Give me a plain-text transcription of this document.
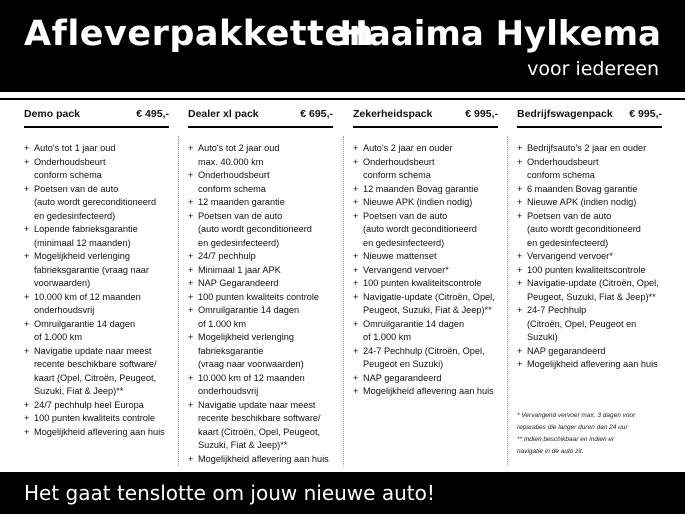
Afleverpakketten
Haaima Hylkema
voor iedereen
Demo pack	€ 495,-
+ Auto's tot 1 jaar oud
+ Onderhoudsbeurt
conform schema
+ Poetsen van de auto
(auto wordt gereconditioneerd
en gedesinfecteerd)
+ Lopende fabrieksgarantie
(minimaal 12 maanden)
+ Mogelijkheid verlenging
fabrieksgarantie (vraag naar
voorwaarden)
+ 10.000 km of 12 maanden
onderhoudsvrij
+ Omruilgarantie 14 dagen
of 1.000 km
+ Navigatie update naar meest
recente beschikbare software/
kaart (Opel, Citroën, Peugeot,
Suzuki, Fiat & Jeep)**
+ 24/7 pechhulp heel Europa
+ 100 punten kwaliteits controle
+ Mogelijkheid aflevering aan huis
Dealer xl pack	€ 695,-
+ Auto's tot 2 jaar oud
max. 40.000 km
+ Onderhoudsbeurt
conform schema
+ 12 maanden garantie
+ Poetsen van de auto
(auto wordt geconditioneerd
en gedesinfecteerd)
+ 24/7 pechhulp
+ Minimaal 1 jaar APK
+ NAP Gegarandeerd
+ 100 punten kwaliteits controle
+ Omruilgarantie 14 dagen
of 1.000 km
+ Mogelijkheid verlenging
fabrieksgarantie
(vraag naar voorwaarden)
+ 10.000 km of 12 maanden
onderhoudsvrij
+ Navigatie update naar meest
recente beschikbare software/
kaart (Citroën, Opel, Peugeot,
Suzuki, Fiat & Jeep)**
+ Mogelijkheid aflevering aan huis
Zekerheidspack	€ 995,-
+ Auto's 2 jaar en ouder
+ Onderhoudsbeurt
conform schema
+ 12 maanden Bovag garantie
+ Nieuwe APK (indien nodig)
+ Poetsen van de auto
(auto wordt geconditioneerd
en gedesinfecteerd)
+ Nieuwe mattenset
+ Vervangend vervoer*
+ 100 punten kwaliteitscontrole
+ Navigatie-update (Citroën, Opel,
Peugeot, Suzuki, Fiat & Jeep)**
+ Omruilgarantie 14 dagen
of 1.000 km
+ 24-7 Pechhulp (Citroën, Opel,
Peugeot en Suzuki)
+ NAP gegarandeerd
+ Mogelijkheid aflevering aan huis
Bedrijfswagenpack € 995,-
+ Bedrijfsauto's 2 jaar en ouder
+ Onderhoudsbeurt
conform schema
+ 6 maanden Bovag garantie
+ Nieuwe APK (indien nodig)
+ Poetsen van de auto
(auto wordt geconditioneerd
en gedesinfecteerd)
+ Vervangend vervoer*
+ 100 punten kwaliteitscontrole
+ Navigatie-update (Citroën, Opel,
Peugeot, Suzuki, Fiat & Jeep)**
+ 24-7 Pechhulp
(Citroën, Opel, Peugeot en Suzuki)
+ NAP gegarandeerd
+ Mogelijkheid aflevering aan huis
* Vervangend vervoer max. 3 dagen voor
reparaties die langer duren dan 24 uur
** Indien beschikbaar en indien er
navigatie in de auto zit.
Het gaat tenslotte om jouw nieuwe auto!
